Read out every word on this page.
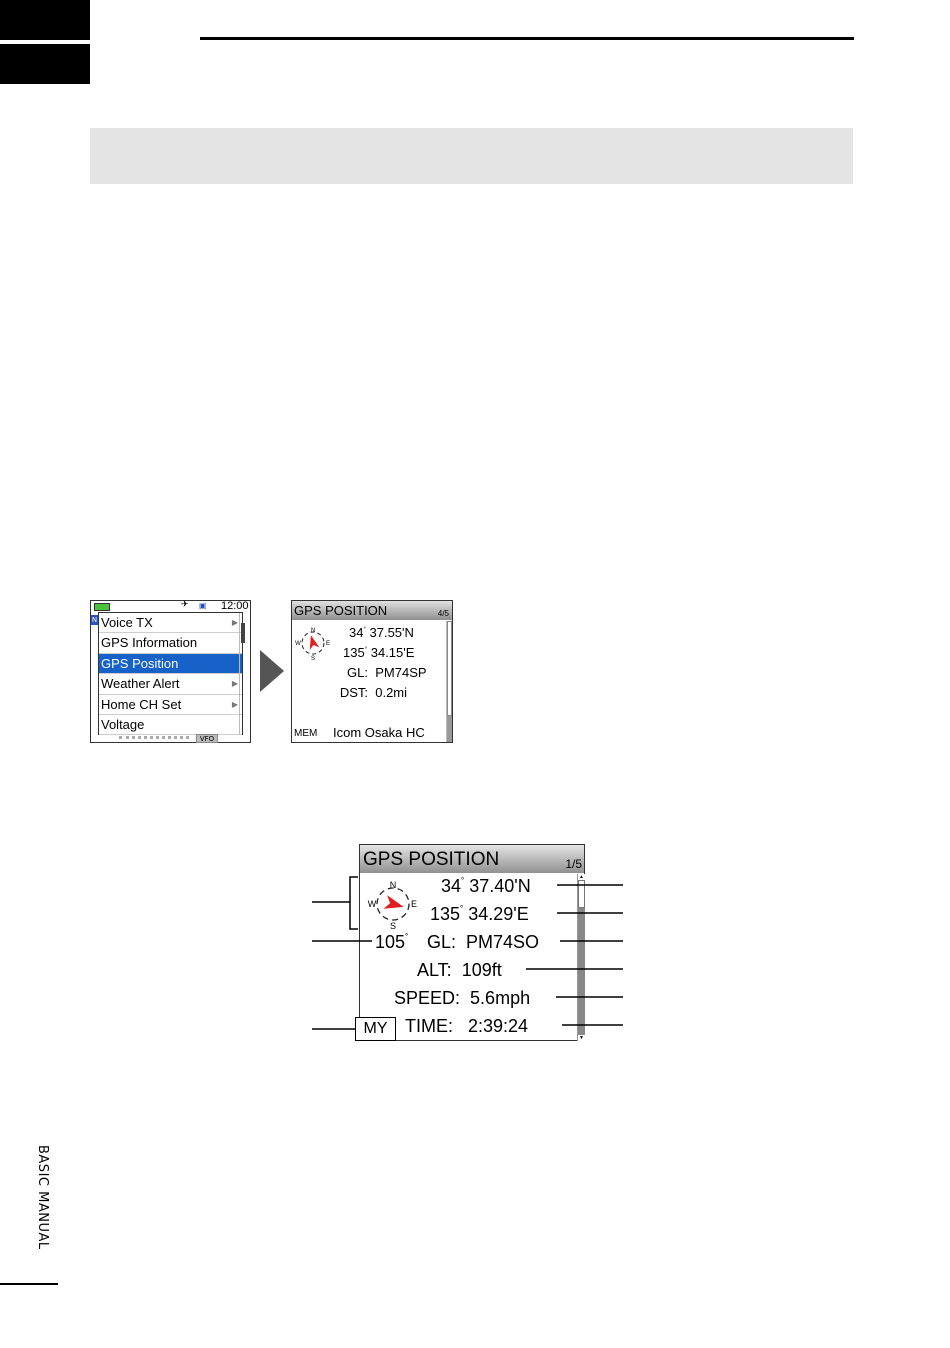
✈ ▣ 12:00
N Voice TX	▶
GPS Information
GPS Position
Weather Alert	▶
Home CH Set	▶
Voltage
VFO
GPS POSITION	4/5
N
S
W	E
34° 37.55'N
135° 34.15'E
GL: PM74SP
DST: 0.2mi
MEM Icom Osaka HC
GPS POSITION	1/5
N
S
W	E
34° 37.40'N
135° 34.29'E
105° GL: PM74SO
ALT: 109ft
SPEED: 5.6mph
TIME: 2:39:24
▲
▼
MY
BASIC MANUAL
